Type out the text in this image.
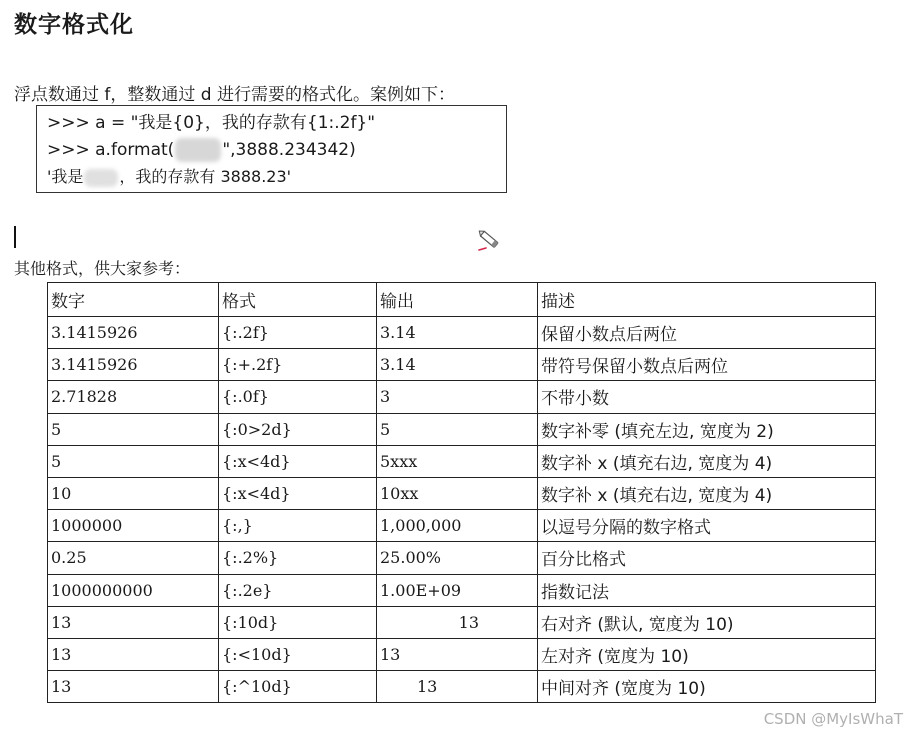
数字格式化
浮点数通过 f，整数通过 d 进行需要的格式化。案例如下：
>>> a = "我是{0}，我的存款有{1:.2f}"
>>> a.format(	",3888.234342)
'我是 ，我的存款有 3888.23'
其他格式，供大家参考：
数字	格式	输出	描述
3.1415926	{:.2f}	3.14	保留小数点后两位
3.1415926	{:+.2f}	3.14	带符号保留小数点后两位
2.71828	{:.0f}	3	不带小数
5	{:0>2d}	5	数字补零 (填充左边, 宽度为 2)
5	{:x<4d}	5xxx	数字补 x (填充右边, 宽度为 4)
10	{:x<4d}	10xx	数字补 x (填充右边, 宽度为 4)
1000000	{:,}	1,000,000	以逗号分隔的数字格式
0.25	{:.2%}	25.00%	百分比格式
1000000000	{:.2e}	1.00E+09	指数记法
13	{:10d}	13	右对齐 (默认, 宽度为 10)
13	{:<10d}	13	左对齐 (宽度为 10)
13	{:^10d}	13	中间对齐 (宽度为 10)
CSDN @MyIsWhaT
